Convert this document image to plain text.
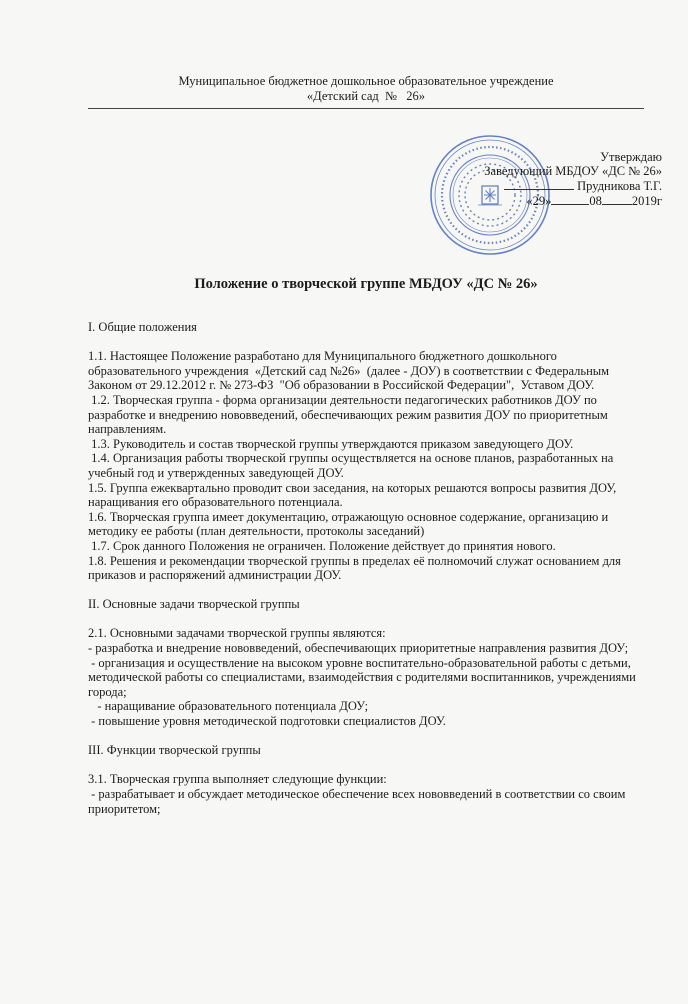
Муниципальное бюджетное дошкольное образовательное учреждение
«Детский сад  №   26»
Утверждаю
Заведующий МБДОУ «ДС № 26»
Прудникова Т.Г.
«29»	08 2019г
Положение о творческой группе МБДОУ «ДС № 26»

I. Общие положения

1.1. Настоящее Положение разработано для Муниципального бюджетного дошкольного образовательного учреждения  «Детский сад №26»  (далее - ДОУ) в соответствии с Федеральным Законом от 29.12.2012 г. № 273-ФЗ  "Об образовании в Российской Федерации",  Уставом ДОУ.

1.2. Творческая группа - форма организации деятельности педагогических работников ДОУ по разработке и внедрению нововведений, обеспечивающих режим развития ДОУ по приоритетным направлениям.

1.3. Руководитель и состав творческой группы утверждаются приказом заведующего ДОУ.

1.4. Организация работы творческой группы осуществляется на основе планов, разработанных на учебный год и утвержденных заведующей ДОУ.

1.5. Группа ежеквартально проводит свои заседания, на которых решаются вопросы развития ДОУ, наращивания его образовательного потенциала.

1.6. Творческая группа имеет документацию, отражающую основное содержание, организацию и методику ее работы (план деятельности, протоколы заседаний)

1.7. Срок данного Положения не ограничен. Положение действует до принятия нового.

1.8. Решения и рекомендации творческой группы в пределах её полномочий служат основанием для приказов и распоряжений администрации ДОУ.

II. Основные задачи творческой группы

2.1. Основными задачами творческой группы являются:

- разработка и внедрение нововведений, обеспечивающих приоритетные направления развития ДОУ;

- организация и осуществление на высоком уровне воспитательно-образовательной работы с детьми, методической работы со специалистами, взаимодействия с родителями воспитанников, учреждениями города;

- наращивание образовательного потенциала ДОУ;

- повышение уровня методической подготовки специалистов ДОУ.

III. Функции творческой группы

3.1. Творческая группа выполняет следующие функции:

- разрабатывает и обсуждает методическое обеспечение всех нововведений в соответствии со своим приоритетом;
